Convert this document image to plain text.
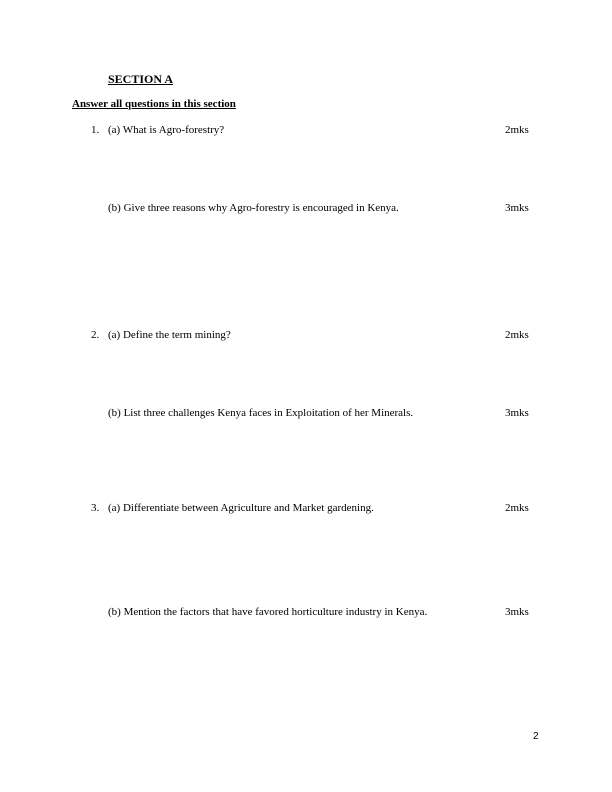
SECTION A
Answer all questions in this section
1. (a) What is Agro-forestry?	2mks
(b) Give three reasons why Agro-forestry is encouraged in Kenya.	3mks
2. (a) Define the term mining?	2mks
(b) List three challenges Kenya faces in Exploitation of her Minerals.	3mks
3. (a) Differentiate between Agriculture and Market gardening.	2mks
(b) Mention the factors that have favored horticulture industry in Kenya.	3mks
2
